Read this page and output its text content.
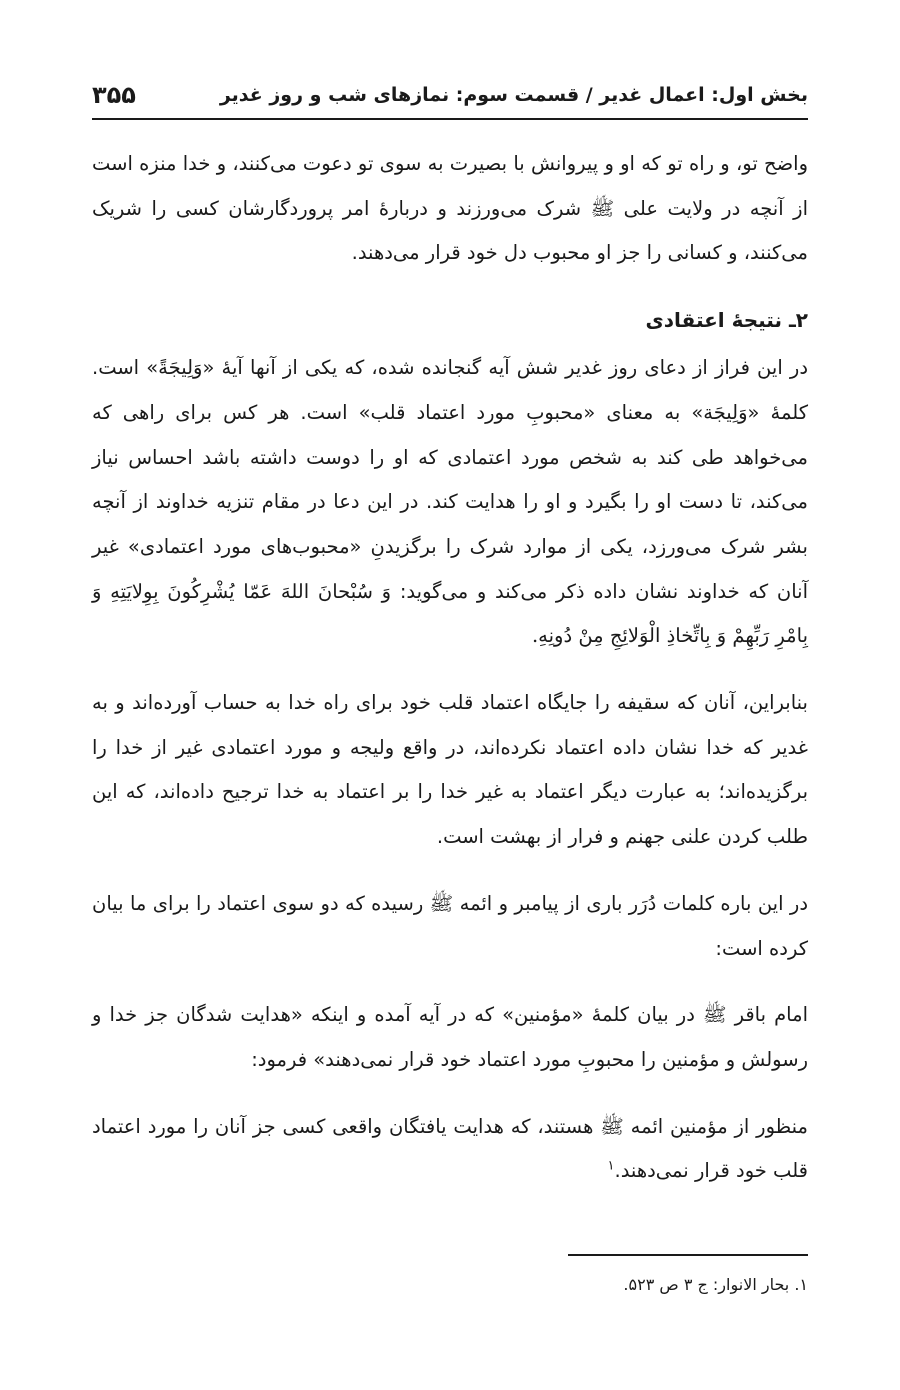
بخش اول: اعمال غدیر / قسمت سوم: نمازهای شب و روز غدیر
۳۵۵

واضح تو، و راه تو که او و پیروانش با بصیرت به سوی تو دعوت می‌کنند، و خدا منزه است از آنچه در ولایت علی ﷺ شرک می‌ورزند و دربارهٔ امر پروردگارشان کسی را شریک می‌کنند، و کسانی را جز او محبوب دل خود قرار می‌دهند.

۲ـ نتیجهٔ اعتقادی

در این فراز از دعای روز غدیر شش آیه گنجانده شده، که یکی از آنها آیهٔ «وَلِیجَةً» است. کلمهٔ «وَلِیجَة» به معنای «محبوبِ مورد اعتماد قلب» است. هر کس برای راهی که می‌خواهد طی کند به شخص مورد اعتمادی که او را دوست داشته باشد احساس نیاز می‌کند، تا دست او را بگیرد و او را هدایت کند. در این دعا در مقام تنزیه خداوند از آنچه بشر شرک می‌ورزد، یکی از موارد شرک را برگزیدنِ «محبوب‌های مورد اعتمادی» غیر آنان که خداوند نشان داده ذکر می‌کند و می‌گوید: وَ سُبْحانَ اللهَ عَمّا یُشْرِکُونَ بِوِلایَتِهِ وَ بِامْرِ رَبِّهِمْ وَ بِاتِّخاذِ الْوَلائِجِ مِنْ دُونِهِ.

بنابراین، آنان که سقیفه را جایگاه اعتماد قلب خود برای راه خدا به حساب آورده‌اند و به غدیر که خدا نشان داده اعتماد نکرده‌اند، در واقع ولیجه و مورد اعتمادی غیر از خدا را برگزیده‌اند؛ به عبارت دیگر اعتماد به غیر خدا را بر اعتماد به خدا ترجیح داده‌اند، که این طلب کردن علنی جهنم و فرار از بهشت است.

در این باره کلمات دُرَر باری از پیامبر و ائمه ﷺ رسیده که دو سوی اعتماد را برای ما بیان کرده است:

امام باقر ﷺ در بیان کلمهٔ «مؤمنین» که در آیه آمده و اینکه «هدایت شدگان جز خدا و رسولش و مؤمنین را محبوبِ مورد اعتماد خود قرار نمی‌دهند» فرمود:

منظور از مؤمنین ائمه ﷺ هستند، که هدایت یافتگان واقعی کسی جز آنان را مورد اعتماد قلب خود قرار نمی‌دهند.$^۱$

۱. بحار الانوار: ج ۳ ص ۵۲۳.
